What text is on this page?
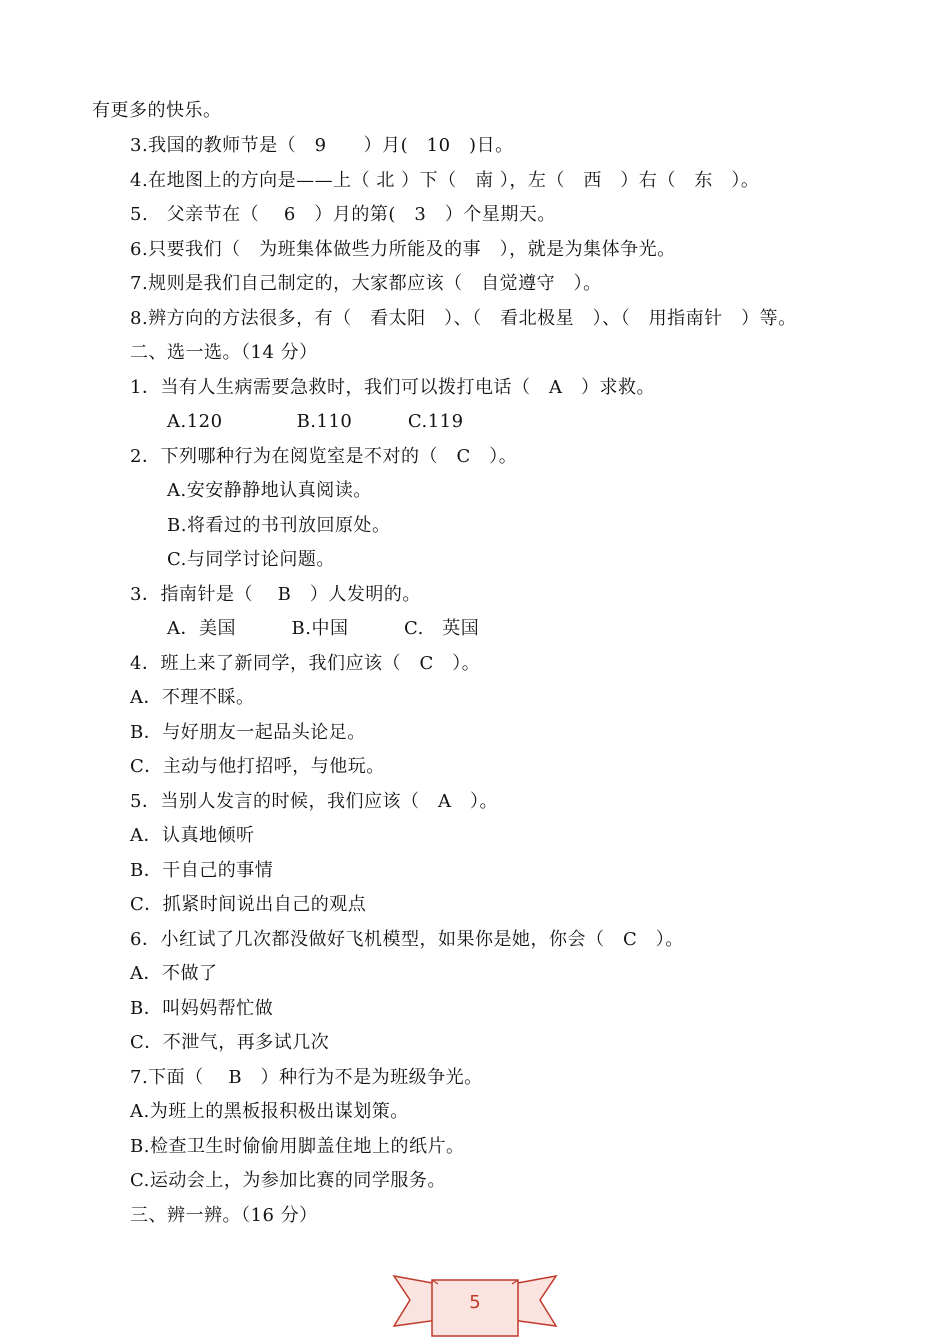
有更多的快乐。
3.我国的教师节是（　9　　）月(　10　)日。
4.在地图上的方向是——上（ 北 ）下（　南 ），左（　西　）右（　东　）。
5.　父亲节在（　 6　）月的第(　3　）个星期天。
6.只要我们（　为班集体做些力所能及的事　），就是为集体争光。
7.规则是我们自己制定的，大家都应该（　自觉遵守　）。
8.辨方向的方法很多，有（　看太阳　）、（　看北极星　）、（　用指南针　）等。
二、选一选。（14 分）
1．当有人生病需要急救时，我们可以拨打电话（　A　）求救。
A.120　　　　B.110　　　C.119
2．下列哪种行为在阅览室是不对的（　C　）。
A.安安静静地认真阅读。
B.将看过的书刊放回原处。
C.与同学讨论问题。
3．指南针是（　 B　）人发明的。
A．美国　　　B.中国　　　C.　英国
4．班上来了新同学，我们应该（　C　）。
A．不理不睬。
B．与好朋友一起品头论足。
C．主动与他打招呼，与他玩。
5．当别人发言的时候，我们应该（　A　）。
A．认真地倾听
B．干自己的事情
C．抓紧时间说出自己的观点
6．小红试了几次都没做好飞机模型，如果你是她，你会（　C　）。
A．不做了
B．叫妈妈帮忙做
C．不泄气，再多试几次
7.下面（　 B　）种行为不是为班级争光。
A.为班上的黑板报积极出谋划策。
B.检查卫生时偷偷用脚盖住地上的纸片。
C.运动会上，为参加比赛的同学服务。
三、辨一辨。（16 分）
5
